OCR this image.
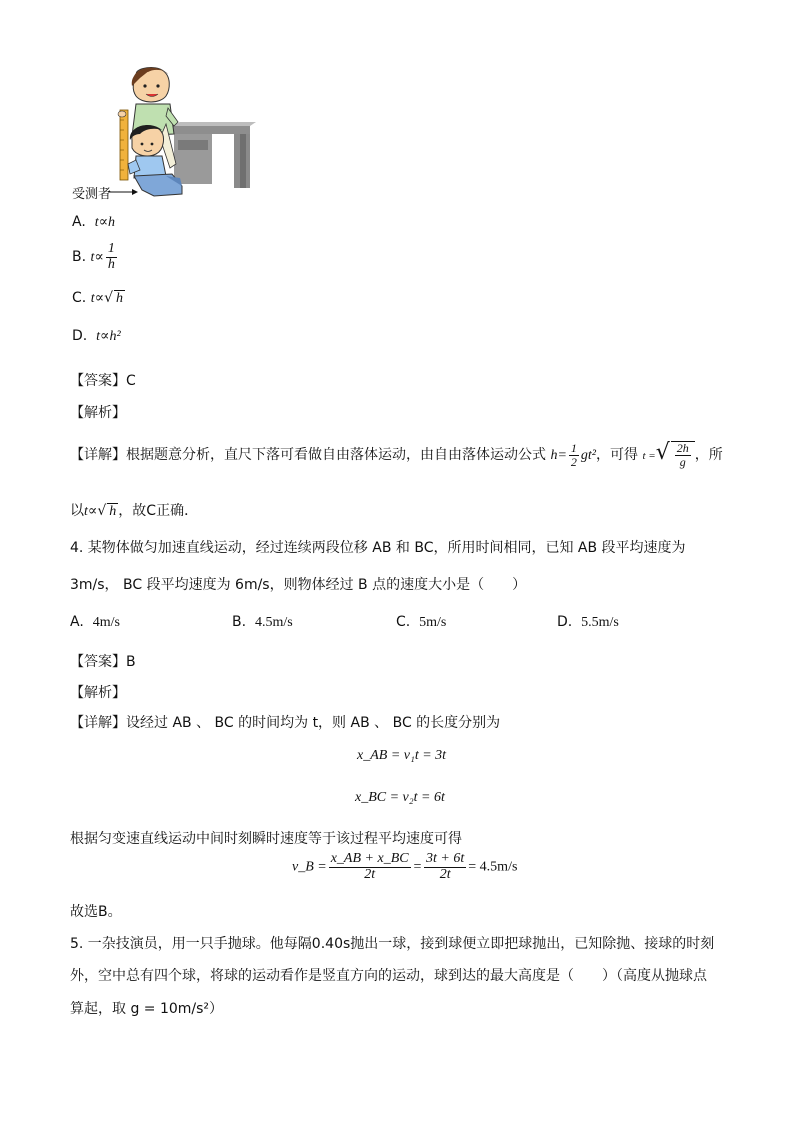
受测者
A. t∝h
B. $t\propto \frac{1}{h}$
C. t∝√ h
D. t∝h²
【答案】C
【解析】
【详解】根据题意分析，直尺下落可看做自由落体运动，由自由落体运动公式 $h= \frac{1}{2} gt^2$，可得 t =√ $\frac{2h}{g}$ ，所
以t∝√ h ，故C正确．
4. 某物体做匀加速直线运动，经过连续两段位移 AB 和 BC，所用时间相同，已知 AB 段平均速度为
3m/s， BC 段平均速度为 6m/s，则物体经过 B 点的速度大小是（　　）
A. 4m/s	B. 4.5m/s	C. 5m/s	D. 5.5m/s
【答案】B
【解析】
【详解】设经过 AB 、 BC 的时间均为 t，则 AB 、 BC 的长度分别为
x_AB = v₁t = 3t
x_BC = v₂t = 6t
根据匀变速直线运动中间时刻瞬时速度等于该过程平均速度可得
v_B = $\frac{x\_AB + x\_BC}{2t} = \frac{3t + 6t}{2t} = 4.5m/s$
故选B。
5. 一杂技演员，用一只手抛球。他每隔0.40s抛出一球，接到球便立即把球抛出，已知除抛、接球的时刻
外，空中总有四个球，将球的运动看作是竖直方向的运动，球到达的最大高度是（　　）（高度从抛球点
算起，取 g = 10m/s²）
